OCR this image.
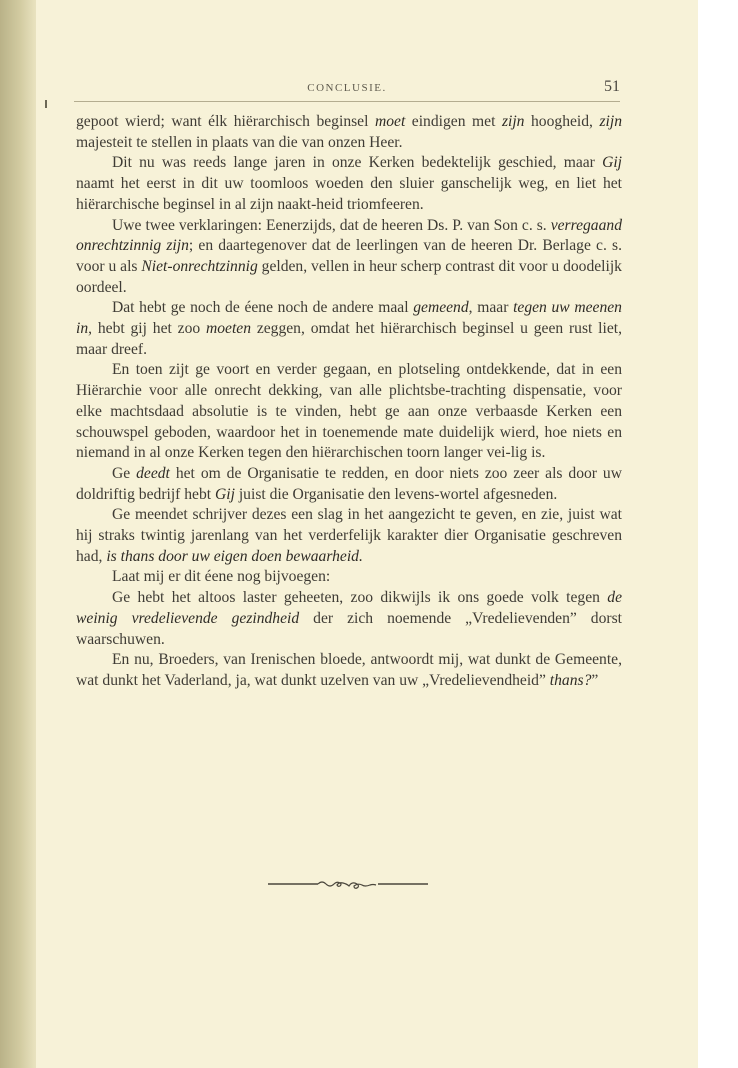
CONCLUSIE.	51

gepoot wierd; want élk hiërarchisch beginsel moet eindigen met zijn hoogheid, zijn majesteit te stellen in plaats van die van onzen Heer.

Dit nu was reeds lange jaren in onze Kerken bedektelijk geschied, maar Gij naamt het eerst in dit uw toomloos woeden den sluier ganschelijk weg, en liet het hiërarchische beginsel in al zijn naakt-heid triomfeeren.

Uwe twee verklaringen: Eenerzijds, dat de heeren Ds. P. van Son c. s. verregaand onrechtzinnig zijn; en daartegenover dat de leerlingen van de heeren Dr. Berlage c. s. voor u als Niet-onrechtzinnig gelden, vellen in heur scherp contrast dit voor u doodelijk oordeel.

Dat hebt ge noch de éene noch de andere maal gemeend, maar tegen uw meenen in, hebt gij het zoo moeten zeggen, omdat het hiërarchisch beginsel u geen rust liet, maar dreef.

En toen zijt ge voort en verder gegaan, en plotseling ontdekkende, dat in een Hiërarchie voor alle onrecht dekking, van alle plichtsbe-trachting dispensatie, voor elke machtsdaad absolutie is te vinden, hebt ge aan onze verbaasde Kerken een schouwspel geboden, waardoor het in toenemende mate duidelijk wierd, hoe niets en niemand in al onze Kerken tegen den hiërarchischen toorn langer vei-lig is.

Ge deedt het om de Organisatie te redden, en door niets zoo zeer als door uw doldriftig bedrijf hebt Gij juist die Organisatie den levens-wortel afgesneden.

Ge meendet schrijver dezes een slag in het aangezicht te geven, en zie, juist wat hij straks twintig jarenlang van het verderfelijk karakter dier Organisatie geschreven had, is thans door uw eigen doen bewaarheid.

Laat mij er dit éene nog bijvoegen:

Ge hebt het altoos laster geheeten, zoo dikwijls ik ons goede volk tegen de weinig vredelievende gezindheid der zich noemende „Vredelievenden” dorst waarschuwen.

En nu, Broeders, van Irenischen bloede, antwoordt mij, wat dunkt de Gemeente, wat dunkt het Vaderland, ja, wat dunkt uzelven van uw „Vredelievendheid” thans?”
